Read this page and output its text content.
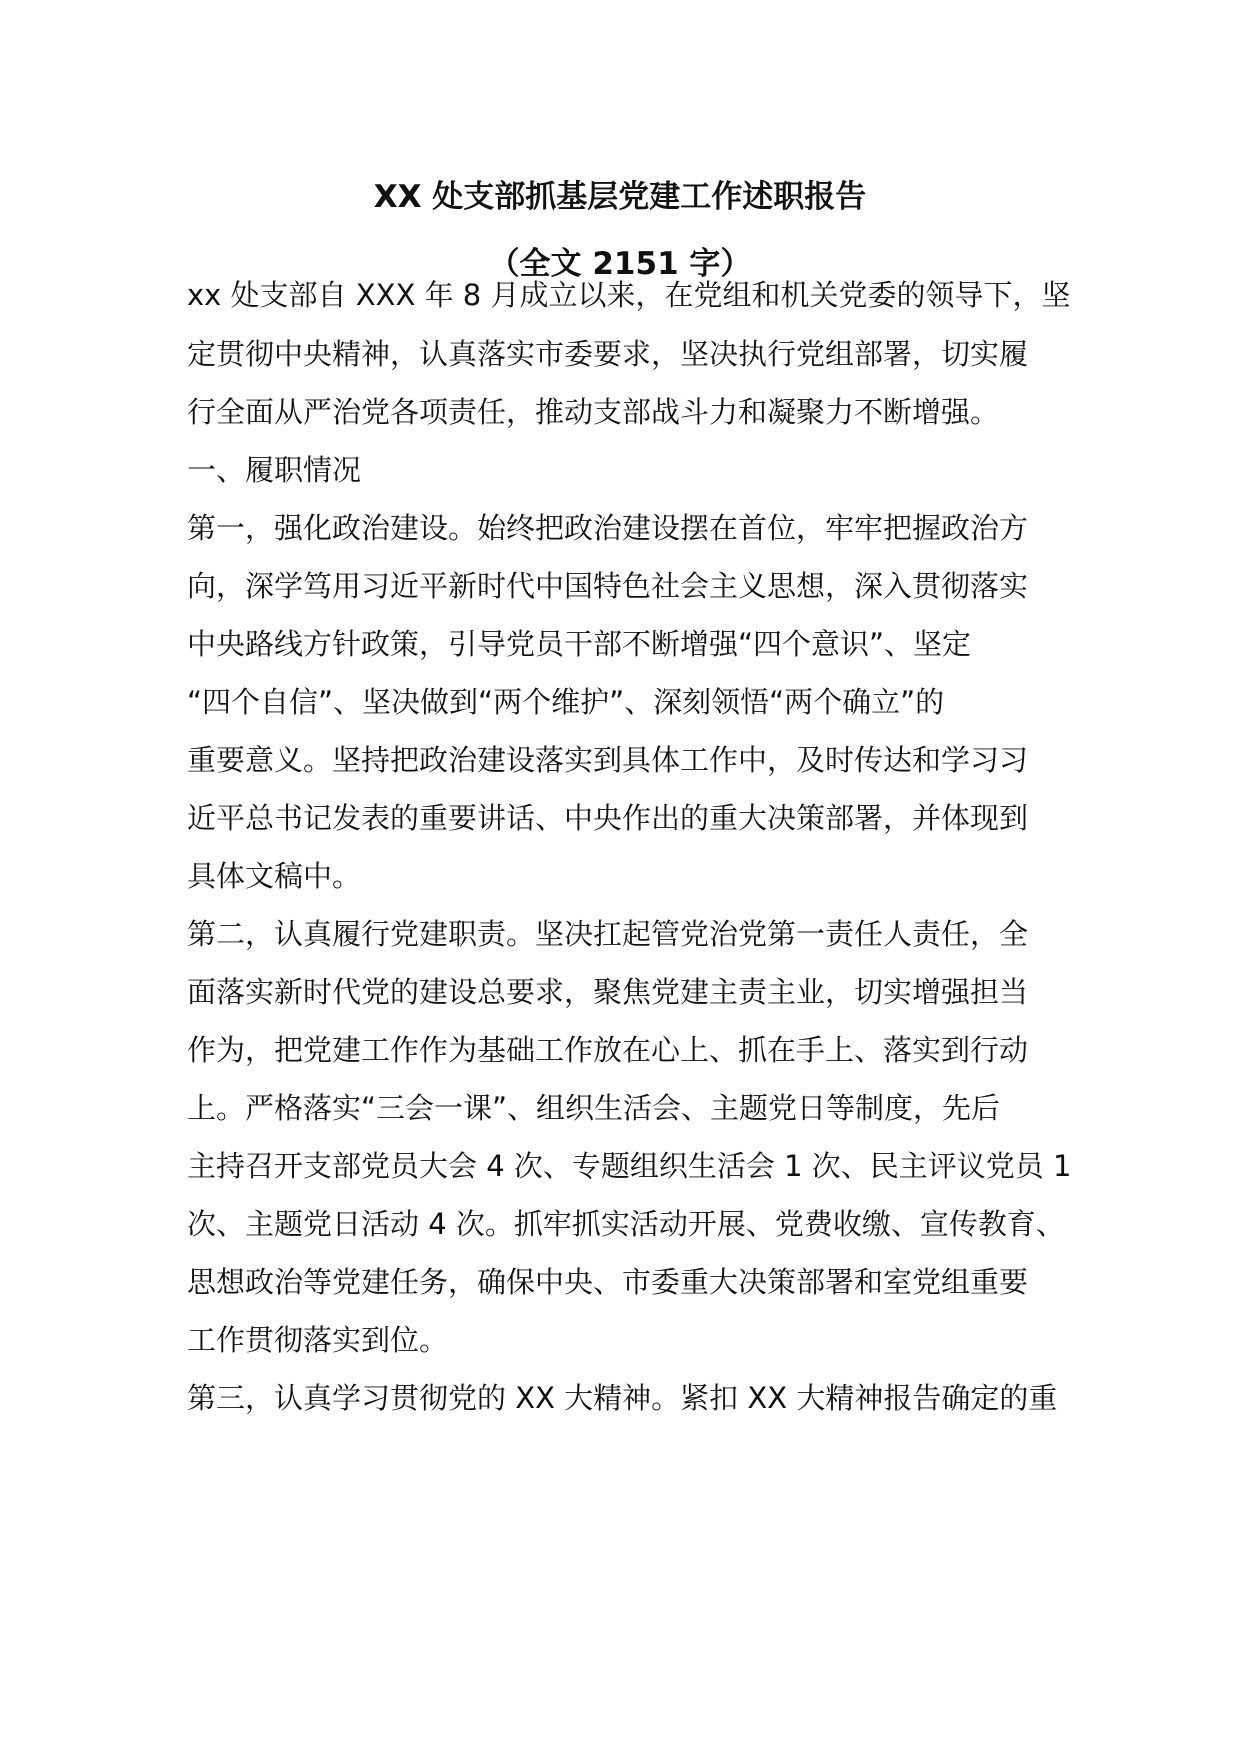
XX 处支部抓基层党建工作述职报告
（全文 2151 字）
xx 处支部自 XXX 年 8 月成立以来，在党组和机关党委的领导下，坚
定贯彻中央精神，认真落实市委要求，坚决执行党组部署，切实履
行全面从严治党各项责任，推动支部战斗力和凝聚力不断增强。
一、履职情况
第一，强化政治建设。始终把政治建设摆在首位，牢牢把握政治方
向，深学笃用习近平新时代中国特色社会主义思想，深入贯彻落实
中央路线方针政策，引导党员干部不断增强“四个意识”、坚定
“四个自信”、坚决做到“两个维护”、深刻领悟“两个确立”的
重要意义。坚持把政治建设落实到具体工作中，及时传达和学习习
近平总书记发表的重要讲话、中央作出的重大决策部署，并体现到
具体文稿中。
第二，认真履行党建职责。坚决扛起管党治党第一责任人责任，全
面落实新时代党的建设总要求，聚焦党建主责主业，切实增强担当
作为，把党建工作作为基础工作放在心上、抓在手上、落实到行动
上。严格落实“三会一课”、组织生活会、主题党日等制度，先后
主持召开支部党员大会 4 次、专题组织生活会 1 次、民主评议党员 1
次、主题党日活动 4 次。抓牢抓实活动开展、党费收缴、宣传教育、
思想政治等党建任务，确保中央、市委重大决策部署和室党组重要
工作贯彻落实到位。
第三，认真学习贯彻党的 XX 大精神。紧扣 XX 大精神报告确定的重
